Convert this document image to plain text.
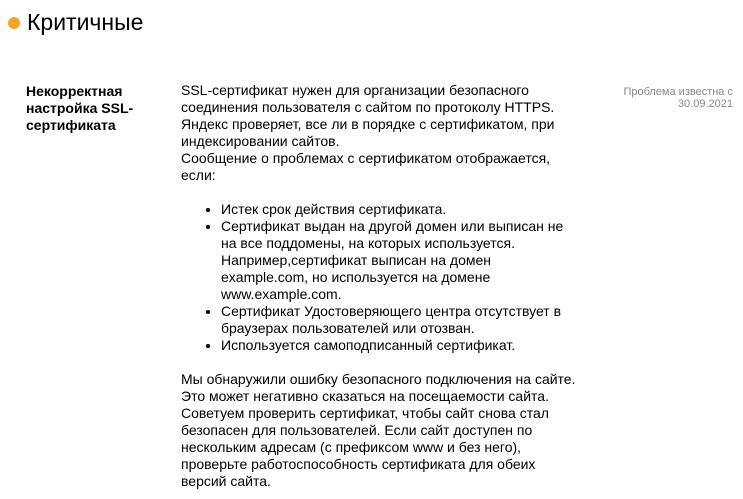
Критичные
Некорректная настройка SSL-сертификата
Проблема известна с 30.09.2021

SSL-сертификат нужен для организации безопасного соединения пользователя с сайтом по протоколу HTTPS. Яндекс проверяет, все ли в порядке с сертификатом, при индексировании сайтов.

Сообщение о проблемах с сертификатом отображается, если:

• Истек срок действия сертификата.
• Сертификат выдан на другой домен или выписан не на все поддомены, на которых используется. Например,сертификат выписан на домен example.com, но используется на домене www.example.com.
• Сертификат Удостоверяющего центра отсутствует в браузерах пользователей или отозван.
• Используется самоподписанный сертификат.

Мы обнаружили ошибку безопасного подключения на сайте. Это может негативно сказаться на посещаемости сайта. Советуем проверить сертификат, чтобы сайт снова стал безопасен для пользователей. Если сайт доступен по нескольким адресам (с префиксом www и без него), проверьте работоспособность сертификата для обеих версий сайта.
